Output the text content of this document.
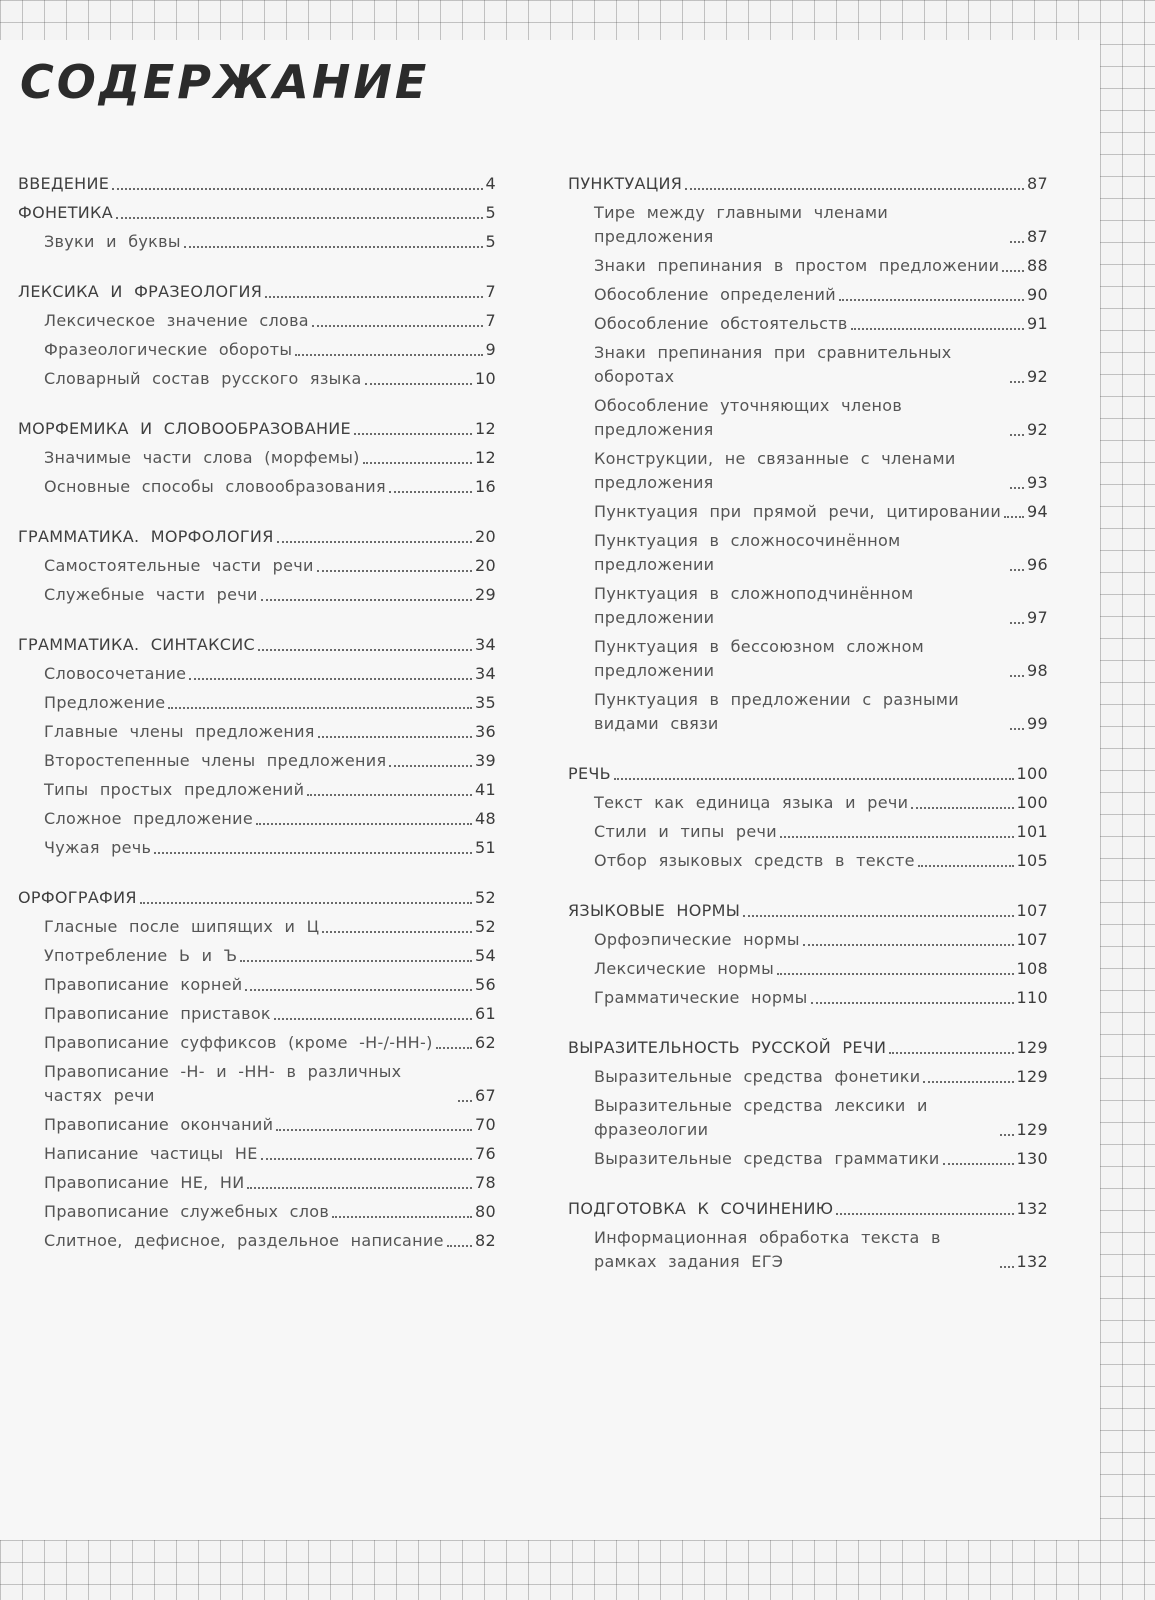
СОДЕРЖАНИЕ
ВВЕДЕНИЕ	4
ФОНЕТИКА	5
Звуки и буквы	5
ЛЕКСИКА И ФРАЗЕОЛОГИЯ	7
Лексическое значение слова	7
Фразеологические обороты	9
Словарный состав русского языка	10
МОРФЕМИКА И СЛОВООБРАЗОВАНИЕ	12
Значимые части слова (морфемы)	12
Основные способы словообразования	16
ГРАММАТИКА. МОРФОЛОГИЯ	20
Самостоятельные части речи	20
Служебные части речи	29
ГРАММАТИКА. СИНТАКСИС	34
Словосочетание	34
Предложение	35
Главные члены предложения	36
Второстепенные члены предложения	39
Типы простых предложений	41
Сложное предложение	48
Чужая речь	51
ОРФОГРАФИЯ	52
Гласные после шипящих и Ц	52
Употребление Ь и Ъ	54
Правописание корней	56
Правописание приставок	61
Правописание суффиксов (кроме -Н-/-НН-)	62
Правописание -Н- и -НН- в различных частях речи	67
Правописание окончаний	70
Написание частицы НЕ	76
Правописание НЕ, НИ	78
Правописание служебных слов	80
Слитное, дефисное, раздельное написание 82
ПУНКТУАЦИЯ	87
Тире между главными членами предложения	87
Знаки препинания в простом предложении 88
Обособление определений	90
Обособление обстоятельств	91
Знаки препинания при сравнительных оборотах	92
Обособление уточняющих членов предложения	92
Конструкции, не связанные с членами предложения	93
Пунктуация при прямой речи, цитировании 94
Пунктуация в сложносочинённом предложении	96
Пунктуация в сложноподчинённом предложении	97
Пунктуация в бессоюзном сложном предложении	98
Пунктуация в предложении с разными видами связи	99
РЕЧЬ	100
Текст как единица языка и речи	100
Стили и типы речи	101
Отбор языковых средств в тексте	105
ЯЗЫКОВЫЕ НОРМЫ	107
Орфоэпические нормы	107
Лексические нормы	108
Грамматические нормы	110
ВЫРАЗИТЕЛЬНОСТЬ РУССКОЙ РЕЧИ	129
Выразительные средства фонетики	129
Выразительные средства лексики и фразеологии	129
Выразительные средства грамматики	130
ПОДГОТОВКА К СОЧИНЕНИЮ	132
Информационная обработка текста в рамках задания ЕГЭ	132
